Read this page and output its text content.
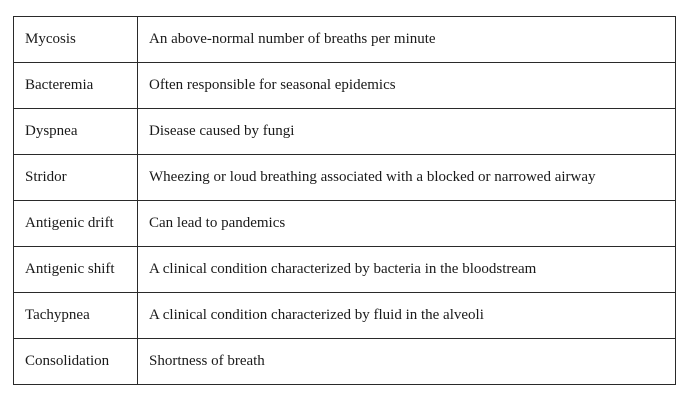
Mycosis	An above-normal number of breaths per minute
Bacteremia	Often responsible for seasonal epidemics
Dyspnea	Disease caused by fungi
Stridor	Wheezing or loud breathing associated with a blocked or narrowed airway
Antigenic drift	Can lead to pandemics
Antigenic shift	A clinical condition characterized by bacteria in the bloodstream
Tachypnea	A clinical condition characterized by fluid in the alveoli
Consolidation	Shortness of breath
